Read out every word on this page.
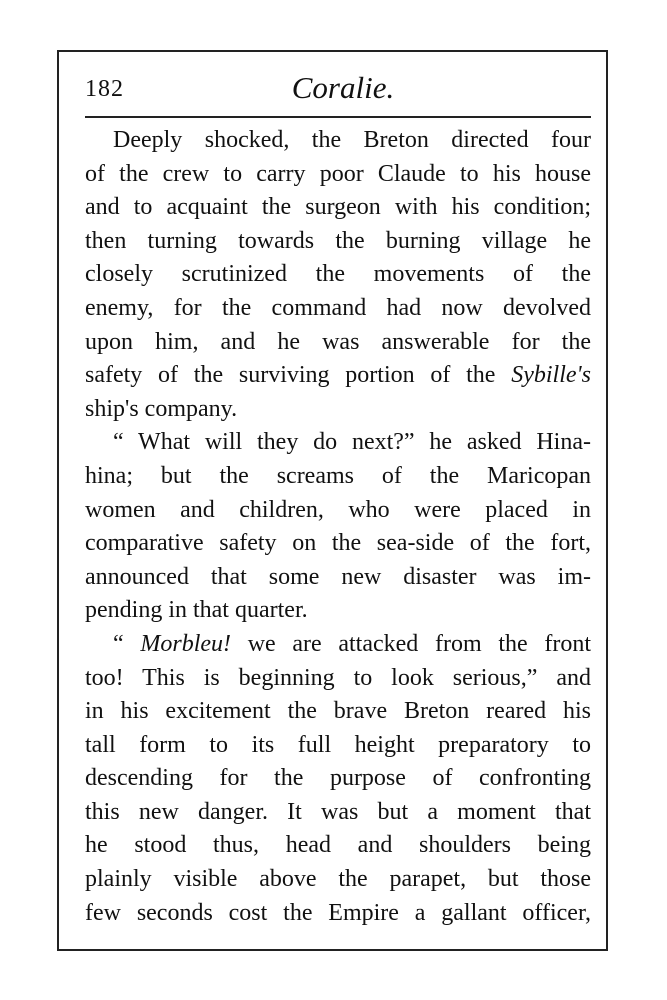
182	Coralie.
Deeply shocked, the Breton directed four
of the crew to carry poor Claude to his house
and to acquaint the surgeon with his condition;
then turning towards the burning village he
closely scrutinized the movements of the
enemy, for the command had now devolved
upon him, and he was answerable for the
safety of the surviving portion of the Sybille's
ship's company.
“ What will they do next?” he asked Hina-
hina; but the screams of the Maricopan
women and children, who were placed in
comparative safety on the sea-side of the fort,
announced that some new disaster was im-
pending in that quarter.
“ Morbleu! we are attacked from the front
too! This is beginning to look serious,” and
in his excitement the brave Breton reared his
tall form to its full height preparatory to
descending for the purpose of confronting
this new danger. It was but a moment that
he stood thus, head and shoulders being
plainly visible above the parapet, but those
few seconds cost the Empire a gallant officer,
